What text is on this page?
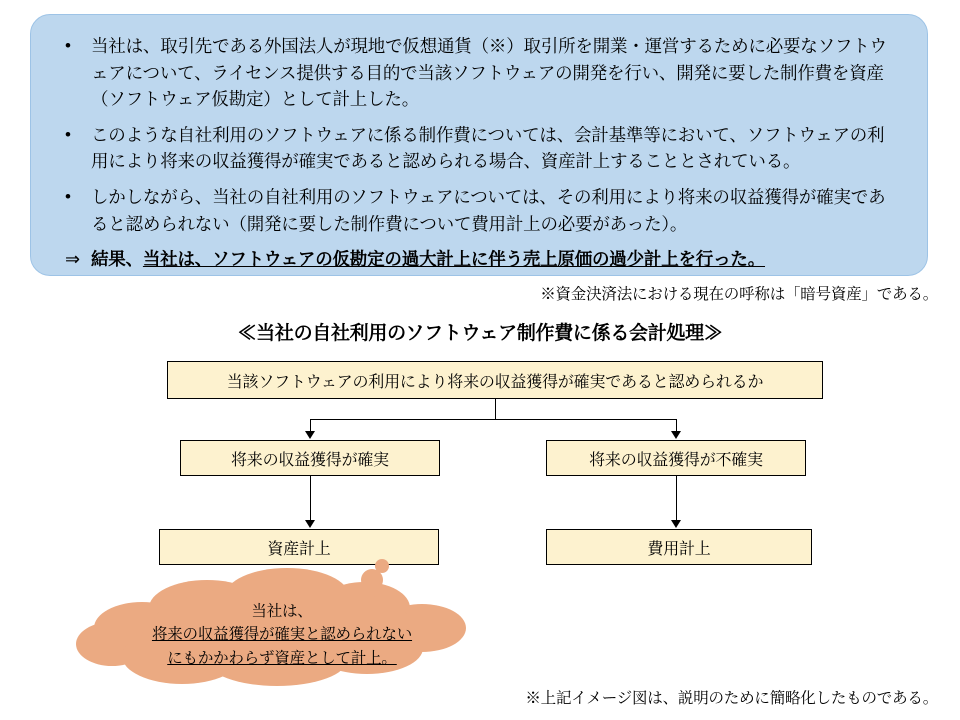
•	当社は、取引先である外国法人が現地で仮想通貨（※）取引所を開業・運営するために必要なソフトウェアについて、ライセンス提供する目的で当該ソフトウェアの開発を行い、開発に要した制作費を資産（ソフトウェア仮勘定）として計上した。
•	このような自社利用のソフトウェアに係る制作費については、会計基準等において、ソフトウェアの利用により将来の収益獲得が確実であると認められる場合、資産計上することとされている。
•	しかしながら、当社の自社利用のソフトウェアについては、その利用により将来の収益獲得が確実であると認められない（開発に要した制作費について費用計上の必要があった）。
⇒ 結果、当社は、ソフトウェアの仮勘定の過大計上に伴う売上原価の過少計上を行った。
※資金決済法における現在の呼称は「暗号資産」である。
≪当社の自社利用のソフトウェア制作費に係る会計処理≫
当該ソフトウェアの利用により将来の収益獲得が確実であると認められるか
将来の収益獲得が確実	将来の収益獲得が不確実
資産計上	費用計上
当社は、
将来の収益獲得が確実と認められない
にもかかわらず資産として計上。
※上記イメージ図は、説明のために簡略化したものである。
